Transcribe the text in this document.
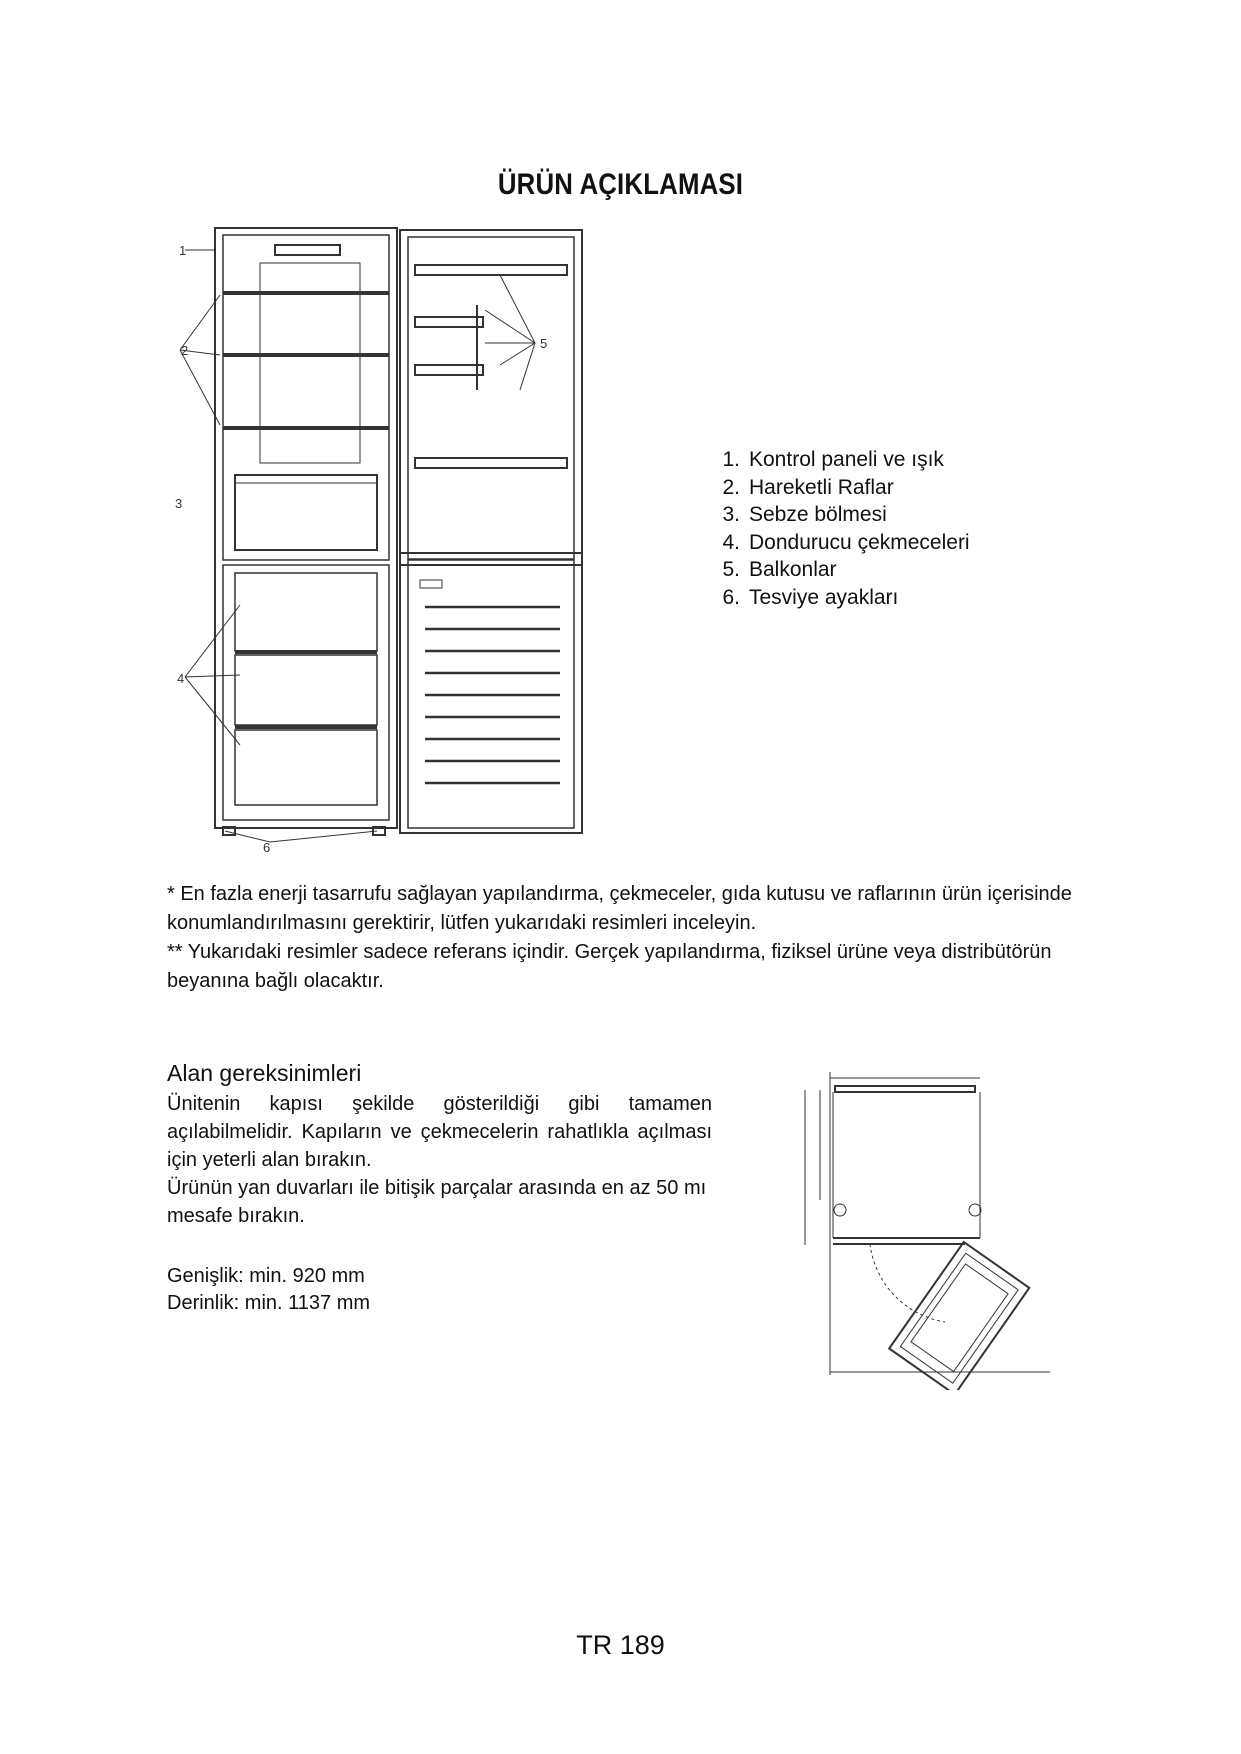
ÜRÜN AÇIKLAMASI
1
2
3
4
5
6
1. Kontrol paneli ve ışık
2. Hareketli Raflar
3. Sebze bölmesi
4. Dondurucu çekmeceleri
5. Balkonlar
6. Tesviye ayakları
* En fazla enerji tasarrufu sağlayan yapılandırma, çekmeceler, gıda kutusu ve raflarının ürün içerisinde konumlandırılmasını gerektirir, lütfen yukarıdaki resimleri inceleyin.
** Yukarıdaki resimler sadece referans içindir. Gerçek yapılandırma, fiziksel ürüne veya distribütörün beyanına bağlı olacaktır.
Alan gereksinimleri
Ünitenin kapısı şekilde gösterildiği gibi tamamen açılabilmelidir. Kapıların ve çekmecelerin rahatlıkla açılması için yeterli alan bırakın.
Ürünün yan duvarları ile bitişik parçalar arasında en az 50 mı mesafe bırakın.
Genişlik: min. 920 mm
Derinlik: min. 1137 mm
TR 189
